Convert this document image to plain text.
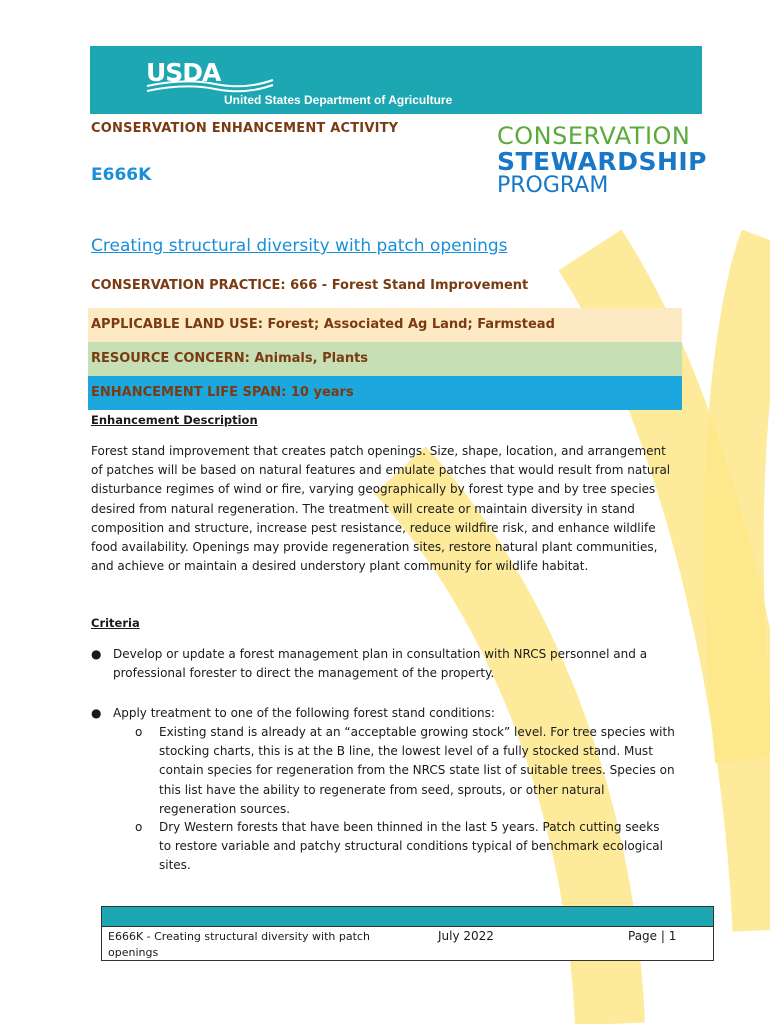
USDA
United States Department of Agriculture
CONSERVATION ENHANCEMENT ACTIVITY
E666K
CONSERVATION
STEWARDSHIP
PROGRAM
Creating structural diversity with patch openings
CONSERVATION PRACTICE: 666 - Forest Stand Improvement
APPLICABLE LAND USE: Forest; Associated Ag Land; Farmstead
RESOURCE CONCERN: Animals, Plants
ENHANCEMENT LIFE SPAN: 10 years
Enhancement Description
Forest stand improvement that creates patch openings. Size, shape, location, and arrangement of patches will be based on natural features and emulate patches that would result from natural disturbance regimes of wind or fire, varying geographically by forest type and by tree species desired from natural regeneration. The treatment will create or maintain diversity in stand composition and structure, increase pest resistance, reduce wildfire risk, and enhance wildlife food availability. Openings may provide regeneration sites, restore natural plant communities, and achieve or maintain a desired understory plant community for wildlife habitat.
Criteria
● Develop or update a forest management plan in consultation with NRCS personnel and a professional forester to direct the management of the property.
● Apply treatment to one of the following forest stand conditions:
o Existing stand is already at an “acceptable growing stock” level. For tree species with stocking charts, this is at the B line, the lowest level of a fully stocked stand. Must contain species for regeneration from the NRCS state list of suitable trees. Species on this list have the ability to regenerate from seed, sprouts, or other natural regeneration sources.
o Dry Western forests that have been thinned in the last 5 years. Patch cutting seeks to restore variable and patchy structural conditions typical of benchmark ecological sites.
E666K - Creating structural diversity with patch openings
July 2022	Page | 1
